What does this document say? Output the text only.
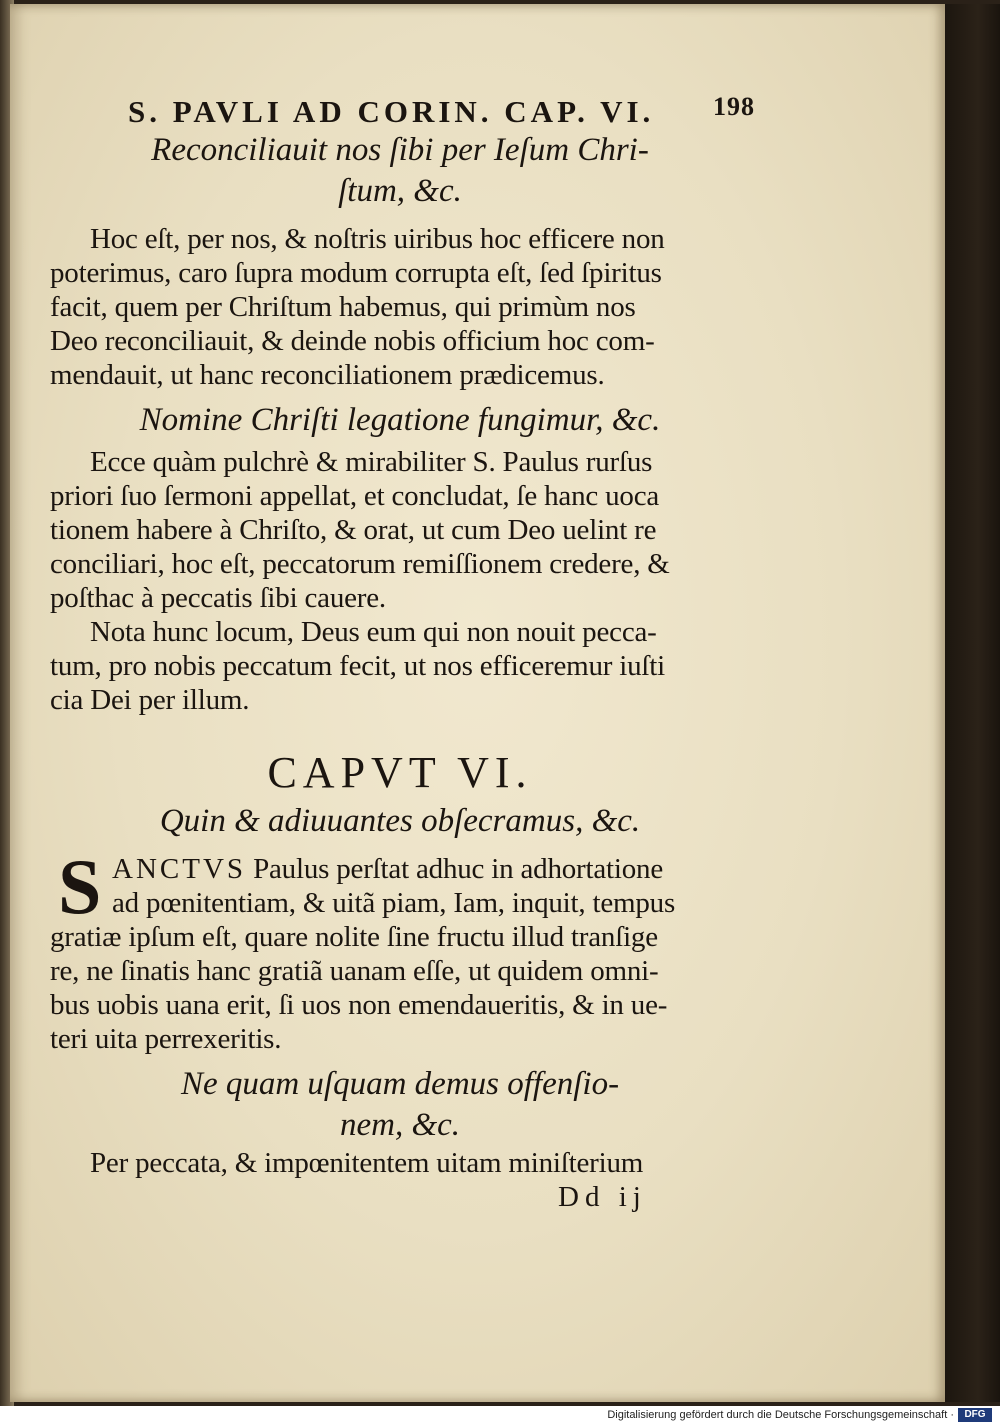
S. PAVLI AD CORIN. CAP. VI. 198
Reconciliauit nos ſibi per Ieſum Chri-
ſtum, &c.
Hoc eſt, per nos, & noſtris uiribus hoc efficere non
poterimus, caro ſupra modum corrupta eſt, ſed ſpiritus
facit, quem per Chriſtum habemus, qui primùm nos
Deo reconciliauit, & deinde nobis officium hoc com-
mendauit, ut hanc reconciliationem prædicemus.
Nomine Chriſti legatione fungimur, &c.
Ecce quàm pulchrè & mirabiliter S. Paulus rurſus
priori ſuo ſermoni appellat, et concludat, ſe hanc uoca
tionem habere à Chriſto, & orat, ut cum Deo uelint re
conciliari, hoc eſt, peccatorum remiſſionem credere, &
poſthac à peccatis ſibi cauere.
Nota hunc locum, Deus eum qui non nouit pecca-
tum, pro nobis peccatum fecit, ut nos efficeremur iuſti
cia Dei per illum.
CAPVT VI.
Quin & adiuuantes obſecramus, &c.
S ANCTVS Paulus perſtat adhuc in adhortatione
ad pœnitentiam, & uitã piam, Iam, inquit, tempus
gratiæ ipſum eſt, quare nolite ſine fructu illud tranſige
re, ne ſinatis hanc gratiã uanam eſſe, ut quidem omni-
bus uobis uana erit, ſi uos non emendaueritis, & in ue-
teri uita perrexeritis.
Ne quam uſquam demus offenſio-
nem, &c.
Per peccata, & impœnitentem uitam miniſterium
Dd ij
Digitalisierung gefördert durch die Deutsche Forschungsgemeinschaft ·	DFG
